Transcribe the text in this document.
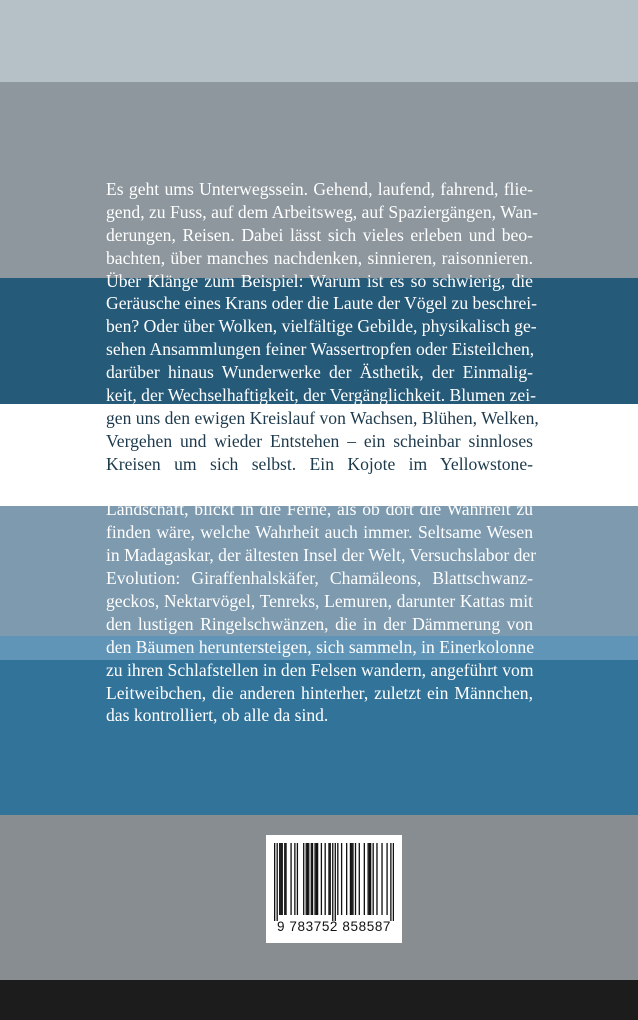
Es geht ums Unterwegssein. Gehend, laufend, fahrend, flie-
gend, zu Fuss, auf dem Arbeitsweg, auf Spaziergängen, Wan-
derungen, Reisen. Dabei lässt sich vieles erleben und beo-
bachten, über manches nachdenken, sinnieren, raisonnieren.
Über Klänge zum Beispiel: Warum ist es so schwierig, die
Geräusche eines Krans oder die Laute der Vögel zu beschrei-
ben? Oder über Wolken, vielfältige Gebilde, physikalisch ge-
sehen Ansammlungen feiner Wassertropfen oder Eisteilchen,
darüber hinaus Wunderwerke der Ästhetik, der Einmalig-
keit, der Wechselhaftigkeit, der Vergänglichkeit. Blumen zei-
gen uns den ewigen Kreislauf von Wachsen, Blühen, Welken,
Vergehen und wieder Entstehen – ein scheinbar sinnloses
Kreisen um sich selbst. Ein Kojote im Yellowstone-
Nationalpark steht auf einer Anhöhe in lichtdurchfluteter
Landschaft, blickt in die Ferne, als ob dort die Wahrheit zu
finden wäre, welche Wahrheit auch immer. Seltsame Wesen
in Madagaskar, der ältesten Insel der Welt, Versuchslabor der
Evolution: Giraffenhalskäfer, Chamäleons, Blattschwanz-
geckos, Nektarvögel, Tenreks, Lemuren, darunter Kattas mit
den lustigen Ringelschwänzen, die in der Dämmerung von
den Bäumen heruntersteigen, sich sammeln, in Einerkolonne
zu ihren Schlafstellen in den Felsen wandern, angeführt vom
Leitweibchen, die anderen hinterher, zuletzt ein Männchen,
das kontrolliert, ob alle da sind.
9 783752 858587
